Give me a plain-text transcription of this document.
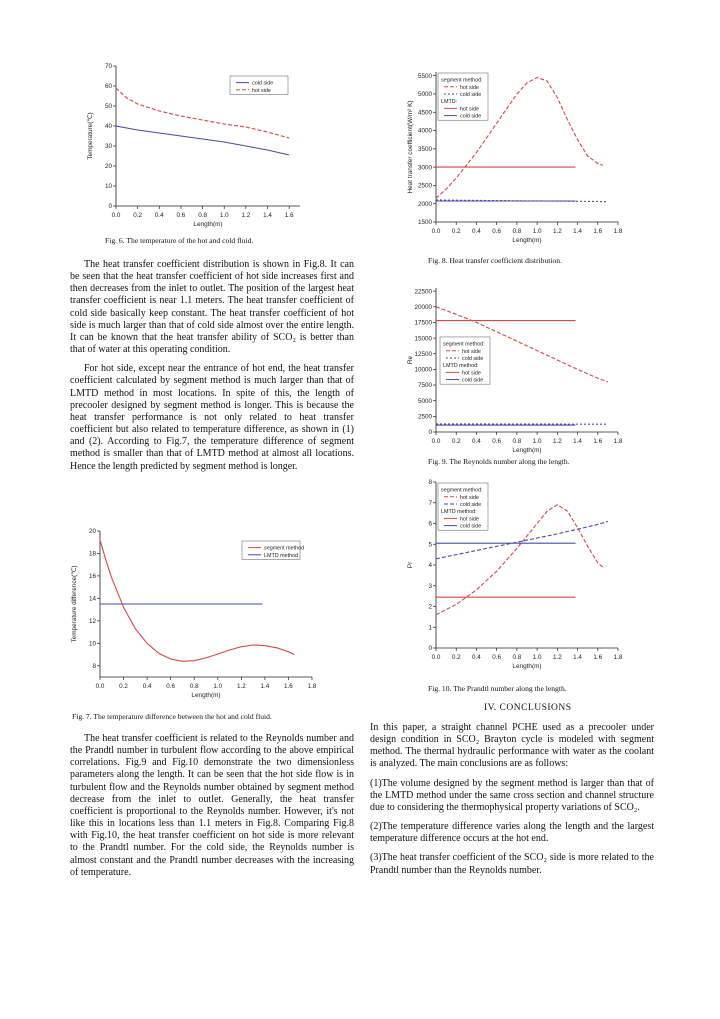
0.0 0.2 0.4 0.6 0.8 1.0 1.2 1.4 1.6
0
10
20
30
40
50
60
70
Length(m)
Temperature(℃)
cold side
hot side
Fig. 6. The temperature of the hot and cold fluid.
0.0 0.2 0.4 0.6 0.8 1.0 1.2 1.4 1.6 1.8
8
10
12
14
16
18
20
Length(m)
Temperature difference(℃)
segment method
LMTD method
Fig. 7. The temperature difference between the hot and cold fluid.
0.0 0.2 0.4 0.6 0.8 1.0 1.2 1.4 1.6 1.8
1500
2000
2500
3000
3500
4000
4500
5000
5500
Length(m)
Heat transfer coefficient(W/m² K)
segment method:
hot side
cold side
LMTD:
hot side
cold side
Fig. 8. Heat transfer coefficient distribution.
0.0 0.2 0.4 0.6 0.8 1.0 1.2 1.4 1.6 1.8
0
2500
5000
7500
10000
12500
15000
17500
20000
22500
Length(m)
Re
segment method:
hot side
cold side
LMTD method:
hot side
cold side
Fig. 9. The Reynolds number along the length.
0.0 0.2 0.4 0.6 0.8 1.0 1.2 1.4 1.6 1.8
0
1
2
3
4
5
6
7
8
Length(m)
Pr
segment method:
hot side
cold side
LMTD method:
hot side
cold side
Fig. 10. The Prandtl number along the length.

The heat transfer coefficient distribution is shown in Fig.8. It can be seen that the heat transfer coefficient of hot side increases first and then decreases from the inlet to outlet. The position of the largest heat transfer coefficient is near 1.1 meters. The heat transfer coefficient of cold side basically keep constant. The heat transfer coefficient of hot side is much larger than that of cold side almost over the entire length. It can be known that the heat transfer ability of SCO₂ is better than that of water at this operating condition.

For hot side, except near the entrance of hot end, the heat transfer coefficient calculated by segment method is much larger than that of LMTD method in most locations. In spite of this, the length of precooler designed by segment method is longer. This is because the heat transfer performance is not only related to heat transfer coefficient but also related to temperature difference, as shown in (1) and (2). According to Fig.7, the temperature difference of segment method is smaller than that of LMTD method at almost all locations. Hence the length predicted by segment method is longer.

The heat transfer coefficient is related to the Reynolds number and the Prandtl number in turbulent flow according to the above empirical correlations. Fig.9 and Fig.10 demonstrate the two dimensionless parameters along the length. It can be seen that the hot side flow is in turbulent flow and the Reynolds number obtained by segment method decrease from the inlet to outlet. Generally, the heat transfer coefficient is proportional to the Reynolds number. However, it's not like this in locations less than 1.1 meters in Fig.8. Comparing Fig.8 with Fig.10, the heat transfer coefficient on hot side is more relevant to the Prandtl number. For the cold side, the Reynolds number is almost constant and the Prandtl number decreases with the increasing of temperature.

IV. CONCLUSIONS

In this paper, a straight channel PCHE used as a precooler under design condition in SCO₂ Brayton cycle is modeled with segment method. The thermal hydraulic performance with water as the coolant is analyzed. The main conclusions are as follows:

(1)The volume designed by the segment method is larger than that of the LMTD method under the same cross section and channel structure due to considering the thermophysical property variations of SCO₂.

(2)The temperature difference varies along the length and the largest temperature difference occurs at the hot end.

(3)The heat transfer coefficient of the SCO₂ side is more related to the Prandtl number than the Reynolds number.
